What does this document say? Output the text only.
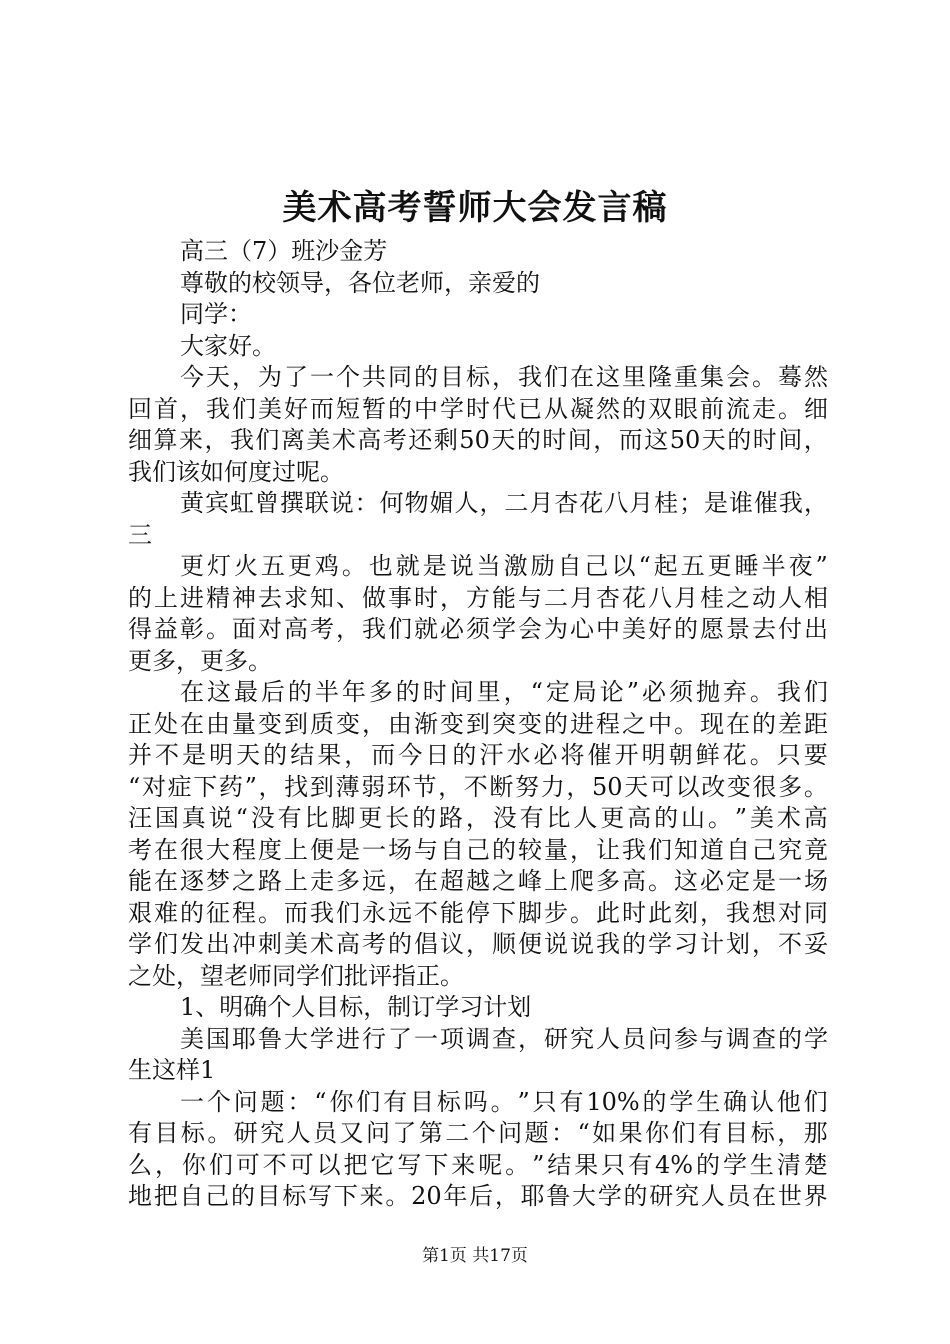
美术高考誓师大会发言稿
高三（7）班沙金芳
尊敬的校领导，各位老师，亲爱的
同学：
大家好。
今 天 ， 为 了 一 个 共 同 的 目 标 ， 我 们 在 这 里 隆 重 集 会 。 蓦 然
回 首 ， 我 们 美 好 而 短 暂 的 中 学 时 代 已 从 凝 然 的 双 眼 前 流 走 。 细
细 算 来 ， 我 们 离 美 术 高 考 还 剩 50 天 的 时 间 ， 而 这 50 天 的 时 间 ，
我们该如何度过呢。
黄 宾 虹 曾 撰 联 说 ： 何 物 媚 人 ， 二 月 杏 花 八 月 桂 ； 是 谁 催 我 ，
三
更 灯 火 五 更 鸡 。 也 就 是 说 当 激 励 自 己 以 “ 起 五 更 睡 半 夜 ”
的 上 进 精 神 去 求 知 、 做 事 时 ， 方 能 与 二 月 杏 花 八 月 桂 之 动 人 相
得 益 彰 。 面 对 高 考 ， 我 们 就 必 须 学 会 为 心 中 美 好 的 愿 景 去 付 出
更多，更多。
在 这 最 后 的 半 年 多 的 时 间 里 ， “ 定 局 论 ” 必 须 抛 弃 。 我 们
正 处 在 由 量 变 到 质 变 ， 由 渐 变 到 突 变 的 进 程 之 中 。 现 在 的 差 距
并 不 是 明 天 的 结 果 ， 而 今 日 的 汗 水 必 将 催 开 明 朝 鲜 花 。 只 要
“ 对 症 下 药 ” ， 找 到 薄 弱 环 节 ， 不 断 努 力 ， 50 天 可 以 改 变 很 多 。
汪 国 真 说 “ 没 有 比 脚 更 长 的 路 ， 没 有 比 人 更 高 的 山 。 ” 美 术 高
考 在 很 大 程 度 上 便 是 一 场 与 自 己 的 较 量 ， 让 我 们 知 道 自 己 究 竟
能 在 逐 梦 之 路 上 走 多 远 ， 在 超 越 之 峰 上 爬 多 高 。 这 必 定 是 一 场
艰 难 的 征 程 。 而 我 们 永 远 不 能 停 下 脚 步 。 此 时 此 刻 ， 我 想 对 同
学 们 发 出 冲 刺 美 术 高 考 的 倡 议 ， 顺 便 说 说 我 的 学 习 计 划 ， 不 妥
之处，望老师同学们批评指正。
1、明确个人目标，制订学习计划
美 国 耶 鲁 大 学 进 行 了 一 项 调 查 ， 研 究 人 员 问 参 与 调 查 的 学
生这样1
一 个 问 题 ： “ 你 们 有 目 标 吗 。 ” 只 有 10% 的 学 生 确 认 他 们
有 目 标 。 研 究 人 员 又 问 了 第 二 个 问 题 ： “ 如 果 你 们 有 目 标 ， 那
么 ， 你 们 可 不 可 以 把 它 写 下 来 呢 。 ” 结 果 只 有 4% 的 学 生 清 楚
地 把 自 己 的 目 标 写 下 来 。 20 年 后 ， 耶 鲁 大 学 的 研 究 人 员 在 世 界
第1页 共17页
